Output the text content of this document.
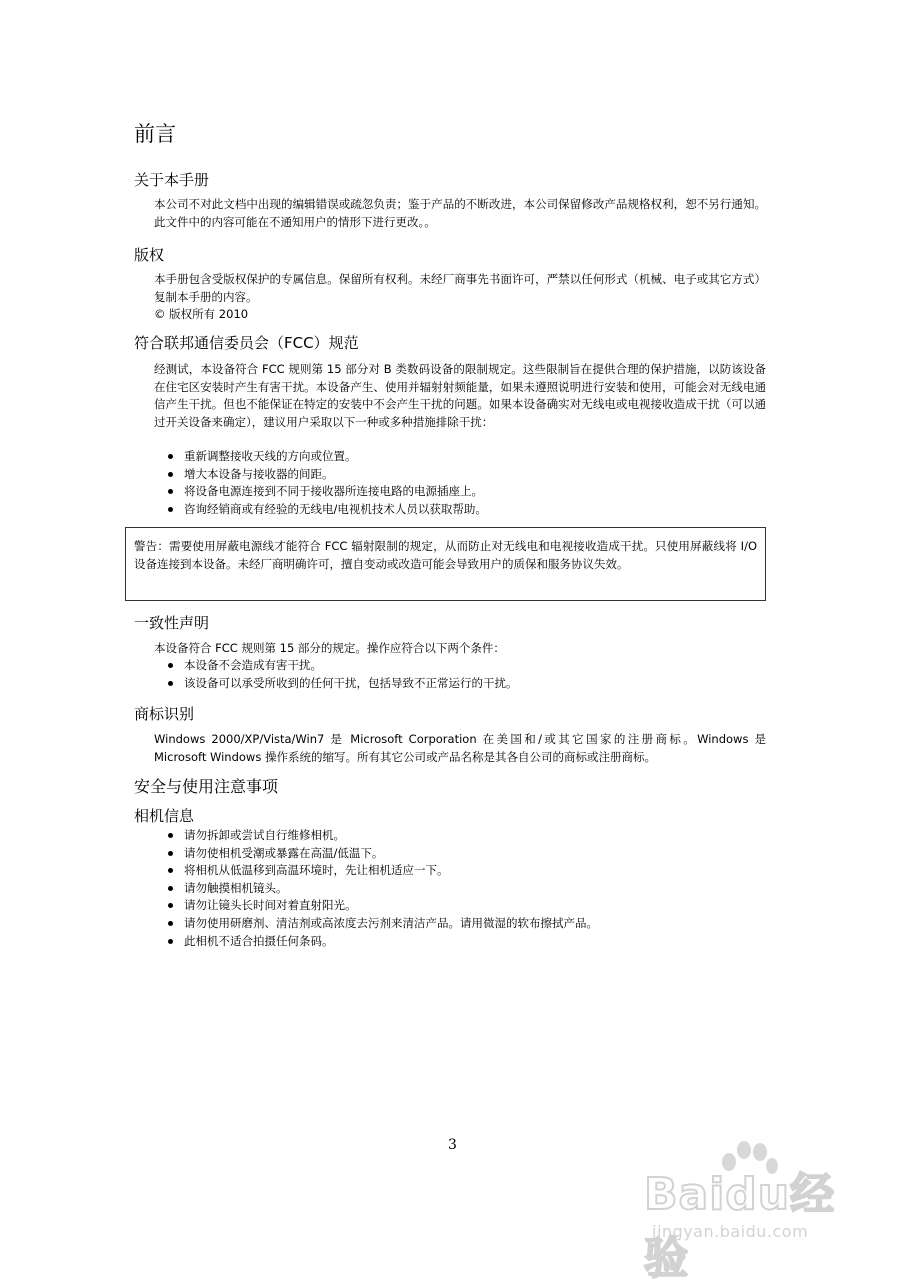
前言
关于本手册
本公司不对此文档中出现的编辑错误或疏忽负责；鉴于产品的不断改进，本公司保留修改产品规格权利，恕不另行通知。此文件中的内容可能在不通知用户的情形下进行更改。。
版权
本手册包含受版权保护的专属信息。保留所有权利。未经厂商事先书面许可，严禁以任何形式（机械、电子或其它方式）复制本手册的内容。
© 版权所有 2010
符合联邦通信委员会（FCC）规范
经测试，本设备符合 FCC 规则第 15 部分对 B 类数码设备的限制规定。这些限制旨在提供合理的保护措施，以防该设备在住宅区安装时产生有害干扰。本设备产生、使用并辐射射频能量，如果未遵照说明进行安装和使用，可能会对无线电通信产生干扰。但也不能保证在特定的安装中不会产生干扰的问题。如果本设备确实对无线电或电视接收造成干扰（可以通过开关设备来确定），建议用户采取以下一种或多种措施排除干扰：
重新调整接收天线的方向或位置。
增大本设备与接收器的间距。
将设备电源连接到不同于接收器所连接电路的电源插座上。
咨询经销商或有经验的无线电/电视机技术人员以获取帮助。
警告：需要使用屏蔽电源线才能符合 FCC 辐射限制的规定，从而防止对无线电和电视接收造成干扰。只使用屏蔽线将 I/O 设备连接到本设备。未经厂商明确许可，擅自变动或改造可能会导致用户的质保和服务协议失效。
一致性声明
本设备符合 FCC 规则第 15 部分的规定。操作应符合以下两个条件：
本设备不会造成有害干扰。
该设备可以承受所收到的任何干扰，包括导致不正常运行的干扰。
商标识别
Windows 2000/XP/Vista/Win7 是 Microsoft Corporation 在美国和/或其它国家的注册商标。Windows 是 Microsoft Windows 操作系统的缩写。所有其它公司或产品名称是其各自公司的商标或注册商标。
安全与使用注意事项
相机信息
请勿拆卸或尝试自行维修相机。
请勿使相机受潮或暴露在高温/低温下。
将相机从低温移到高温环境时，先让相机适应一下。
请勿触摸相机镜头。
请勿让镜头长时间对着直射阳光。
请勿使用研磨剂、清洁剂或高浓度去污剂来清洁产品。请用微湿的软布擦拭产品。
此相机不适合拍摄任何条码。
3
Baidu经验
jingyan.baidu.com
